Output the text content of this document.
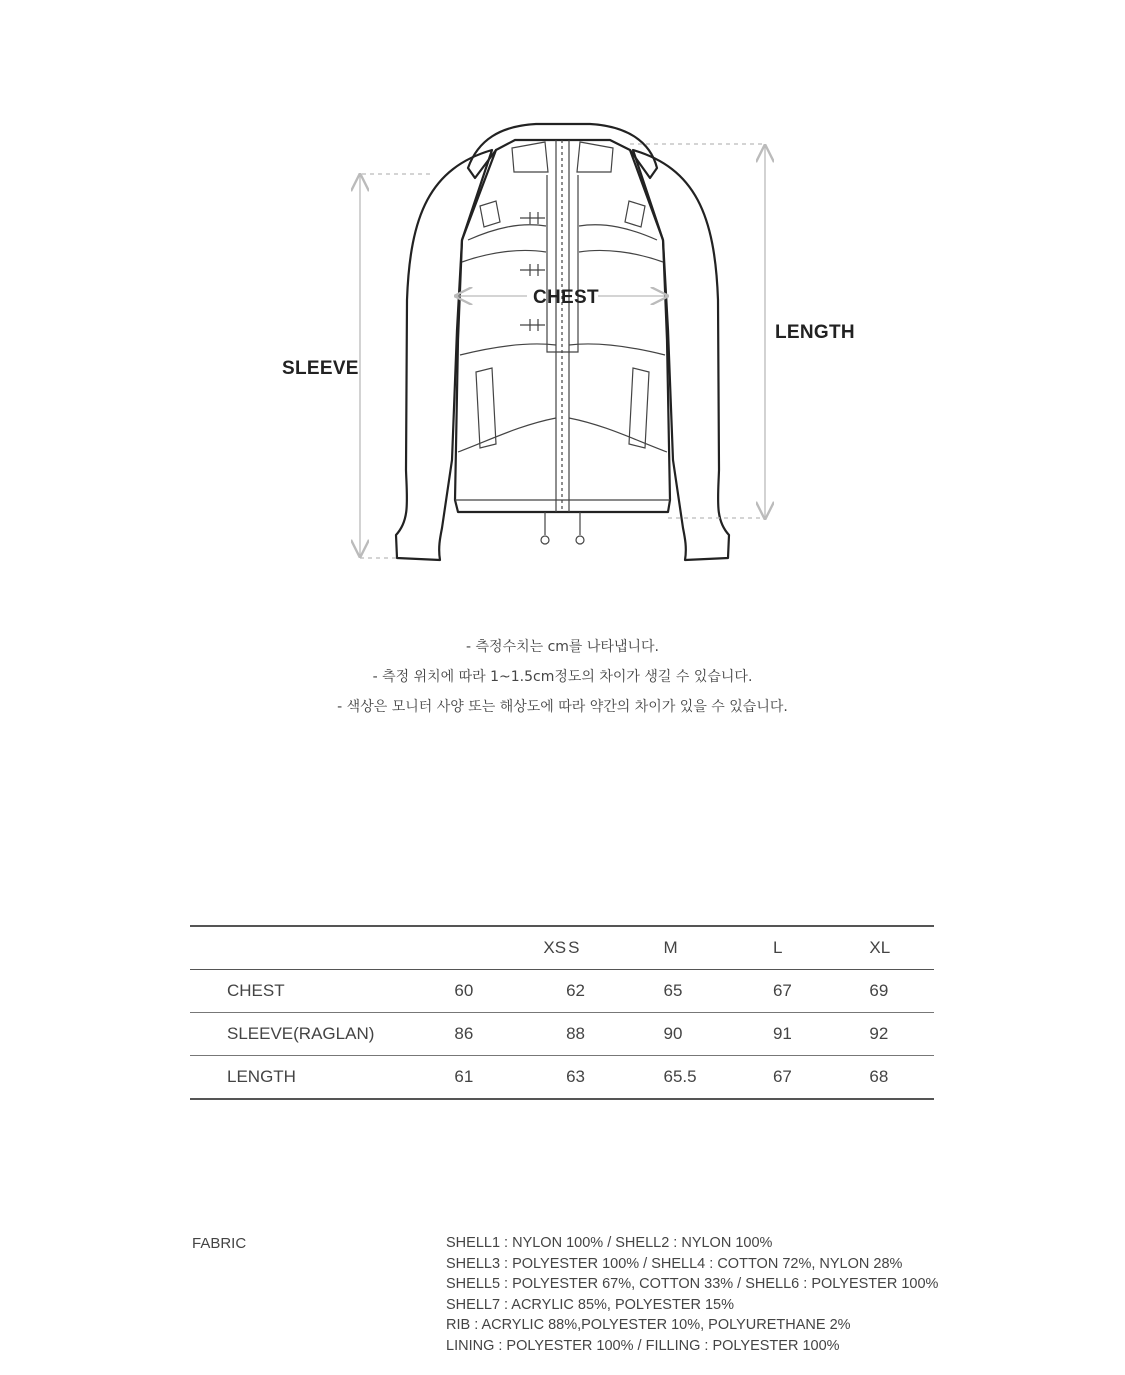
CHEST
LENGTH
SLEEVE
- 측정수치는 cm를 나타냅니다.
- 측정 위치에 따라 1~1.5cm정도의 차이가 생길 수 있습니다.
- 색상은 모니터 사양 또는 해상도에 따라 약간의 차이가 있을 수 있습니다.
	XS	S	M	L	XL
CHEST	60	62	65	67	69
SLEEVE(RAGLAN)	86	88	90	91	92
LENGTH	61	63	65.5	67	68
FABRIC	SHELL1 : NYLON 100% / SHELL2 : NYLON 100%
SHELL3 : POLYESTER 100% / SHELL4 : COTTON 72%, NYLON 28%
SHELL5 : POLYESTER 67%, COTTON 33% / SHELL6 : POLYESTER 100%
SHELL7 : ACRYLIC 85%, POLYESTER 15%
RIB : ACRYLIC 88%,POLYESTER 10%, POLYURETHANE 2%
LINING : POLYESTER 100% / FILLING : POLYESTER 100%
